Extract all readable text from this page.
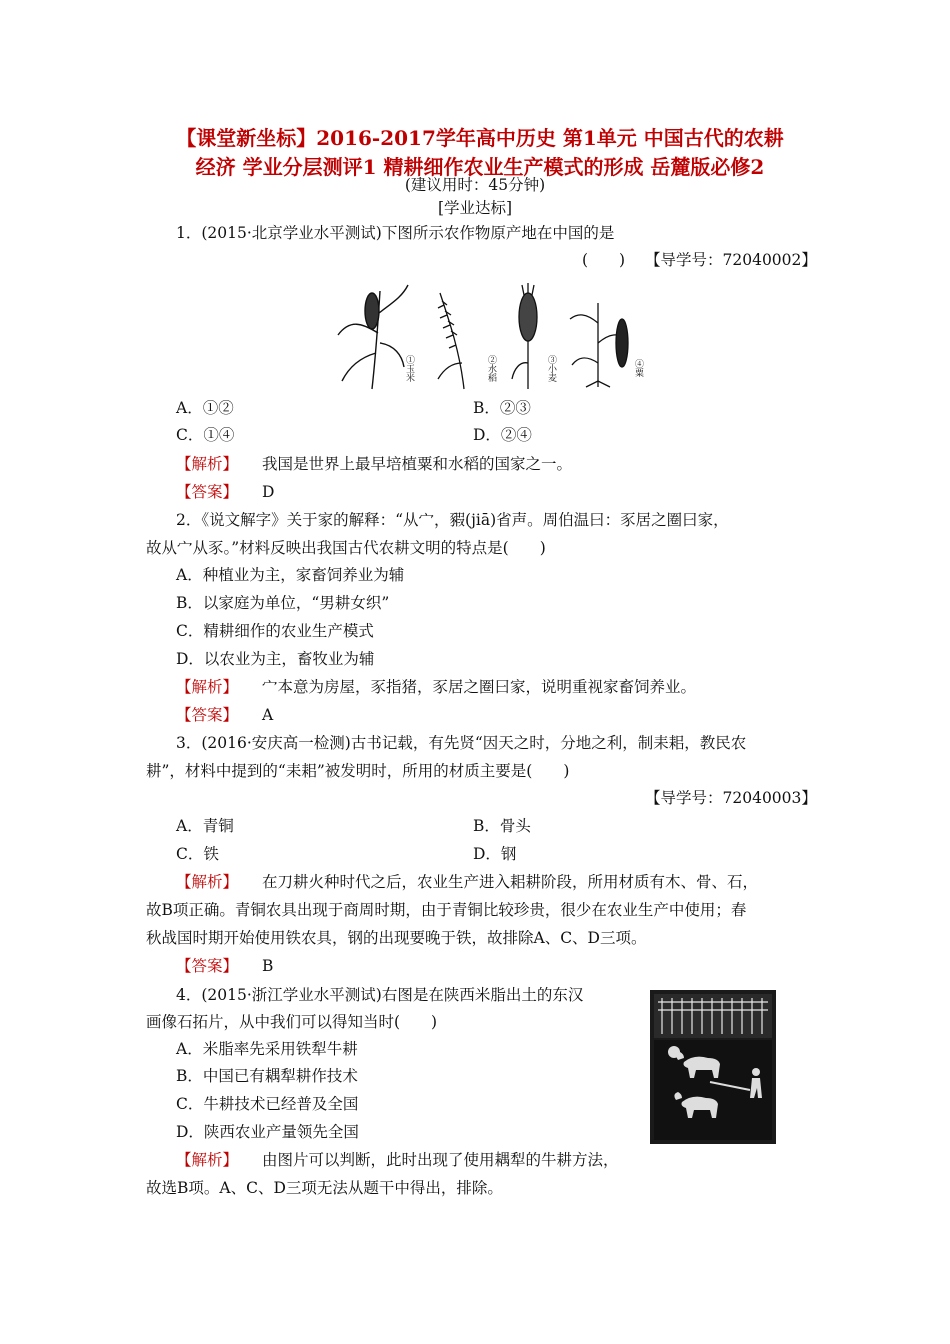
【课堂新坐标】2016-2017学年高中历史 第1单元 中国古代的农耕
经济 学业分层测评1 精耕细作农业生产模式的形成 岳麓版必修2
(建议用时：45分钟)
[学业达标]
1．(2015·北京学业水平测试)下图所示农作物原产地在中国的是
(　　) 【导学号：72040002】
①玉米	②水稻	③小麦	④粟
A．①②	B．②③
C．①④	D．②④
【解析】 我国是世界上最早培植粟和水稻的国家之一。
【答案】 D
2．《说文解字》关于家的解释：“从宀，豭(jiā)省声。周伯温曰：豕居之圈曰家，
故从宀从豕。”材料反映出我国古代农耕文明的特点是(　　)
A．种植业为主，家畜饲养业为辅
B．以家庭为单位，“男耕女织”
C．精耕细作的农业生产模式
D．以农业为主，畜牧业为辅
【解析】 宀本意为房屋，豕指猪，豕居之圈曰家，说明重视家畜饲养业。
【答案】 A
3．(2016·安庆高一检测)古书记载，有先贤“因天之时，分地之利，制耒耜，教民农
耕”，材料中提到的“耒耜”被发明时，所用的材质主要是(　　)
【导学号：72040003】
A．青铜	B．骨头
C．铁	D．钢
【解析】 在刀耕火种时代之后，农业生产进入耜耕阶段，所用材质有木、骨、石，
故B项正确。青铜农具出现于商周时期，由于青铜比较珍贵，很少在农业生产中使用；春
秋战国时期开始使用铁农具，钢的出现要晚于铁，故排除A、C、D三项。
【答案】 B
4．(2015·浙江学业水平测试)右图是在陕西米脂出土的东汉
画像石拓片，从中我们可以得知当时(　　)
A．米脂率先采用铁犁牛耕
B．中国已有耦犁耕作技术
C．牛耕技术已经普及全国
D．陕西农业产量领先全国
【解析】 由图片可以判断，此时出现了使用耦犁的牛耕方法，
故选B项。A、C、D三项无法从题干中得出，排除。
